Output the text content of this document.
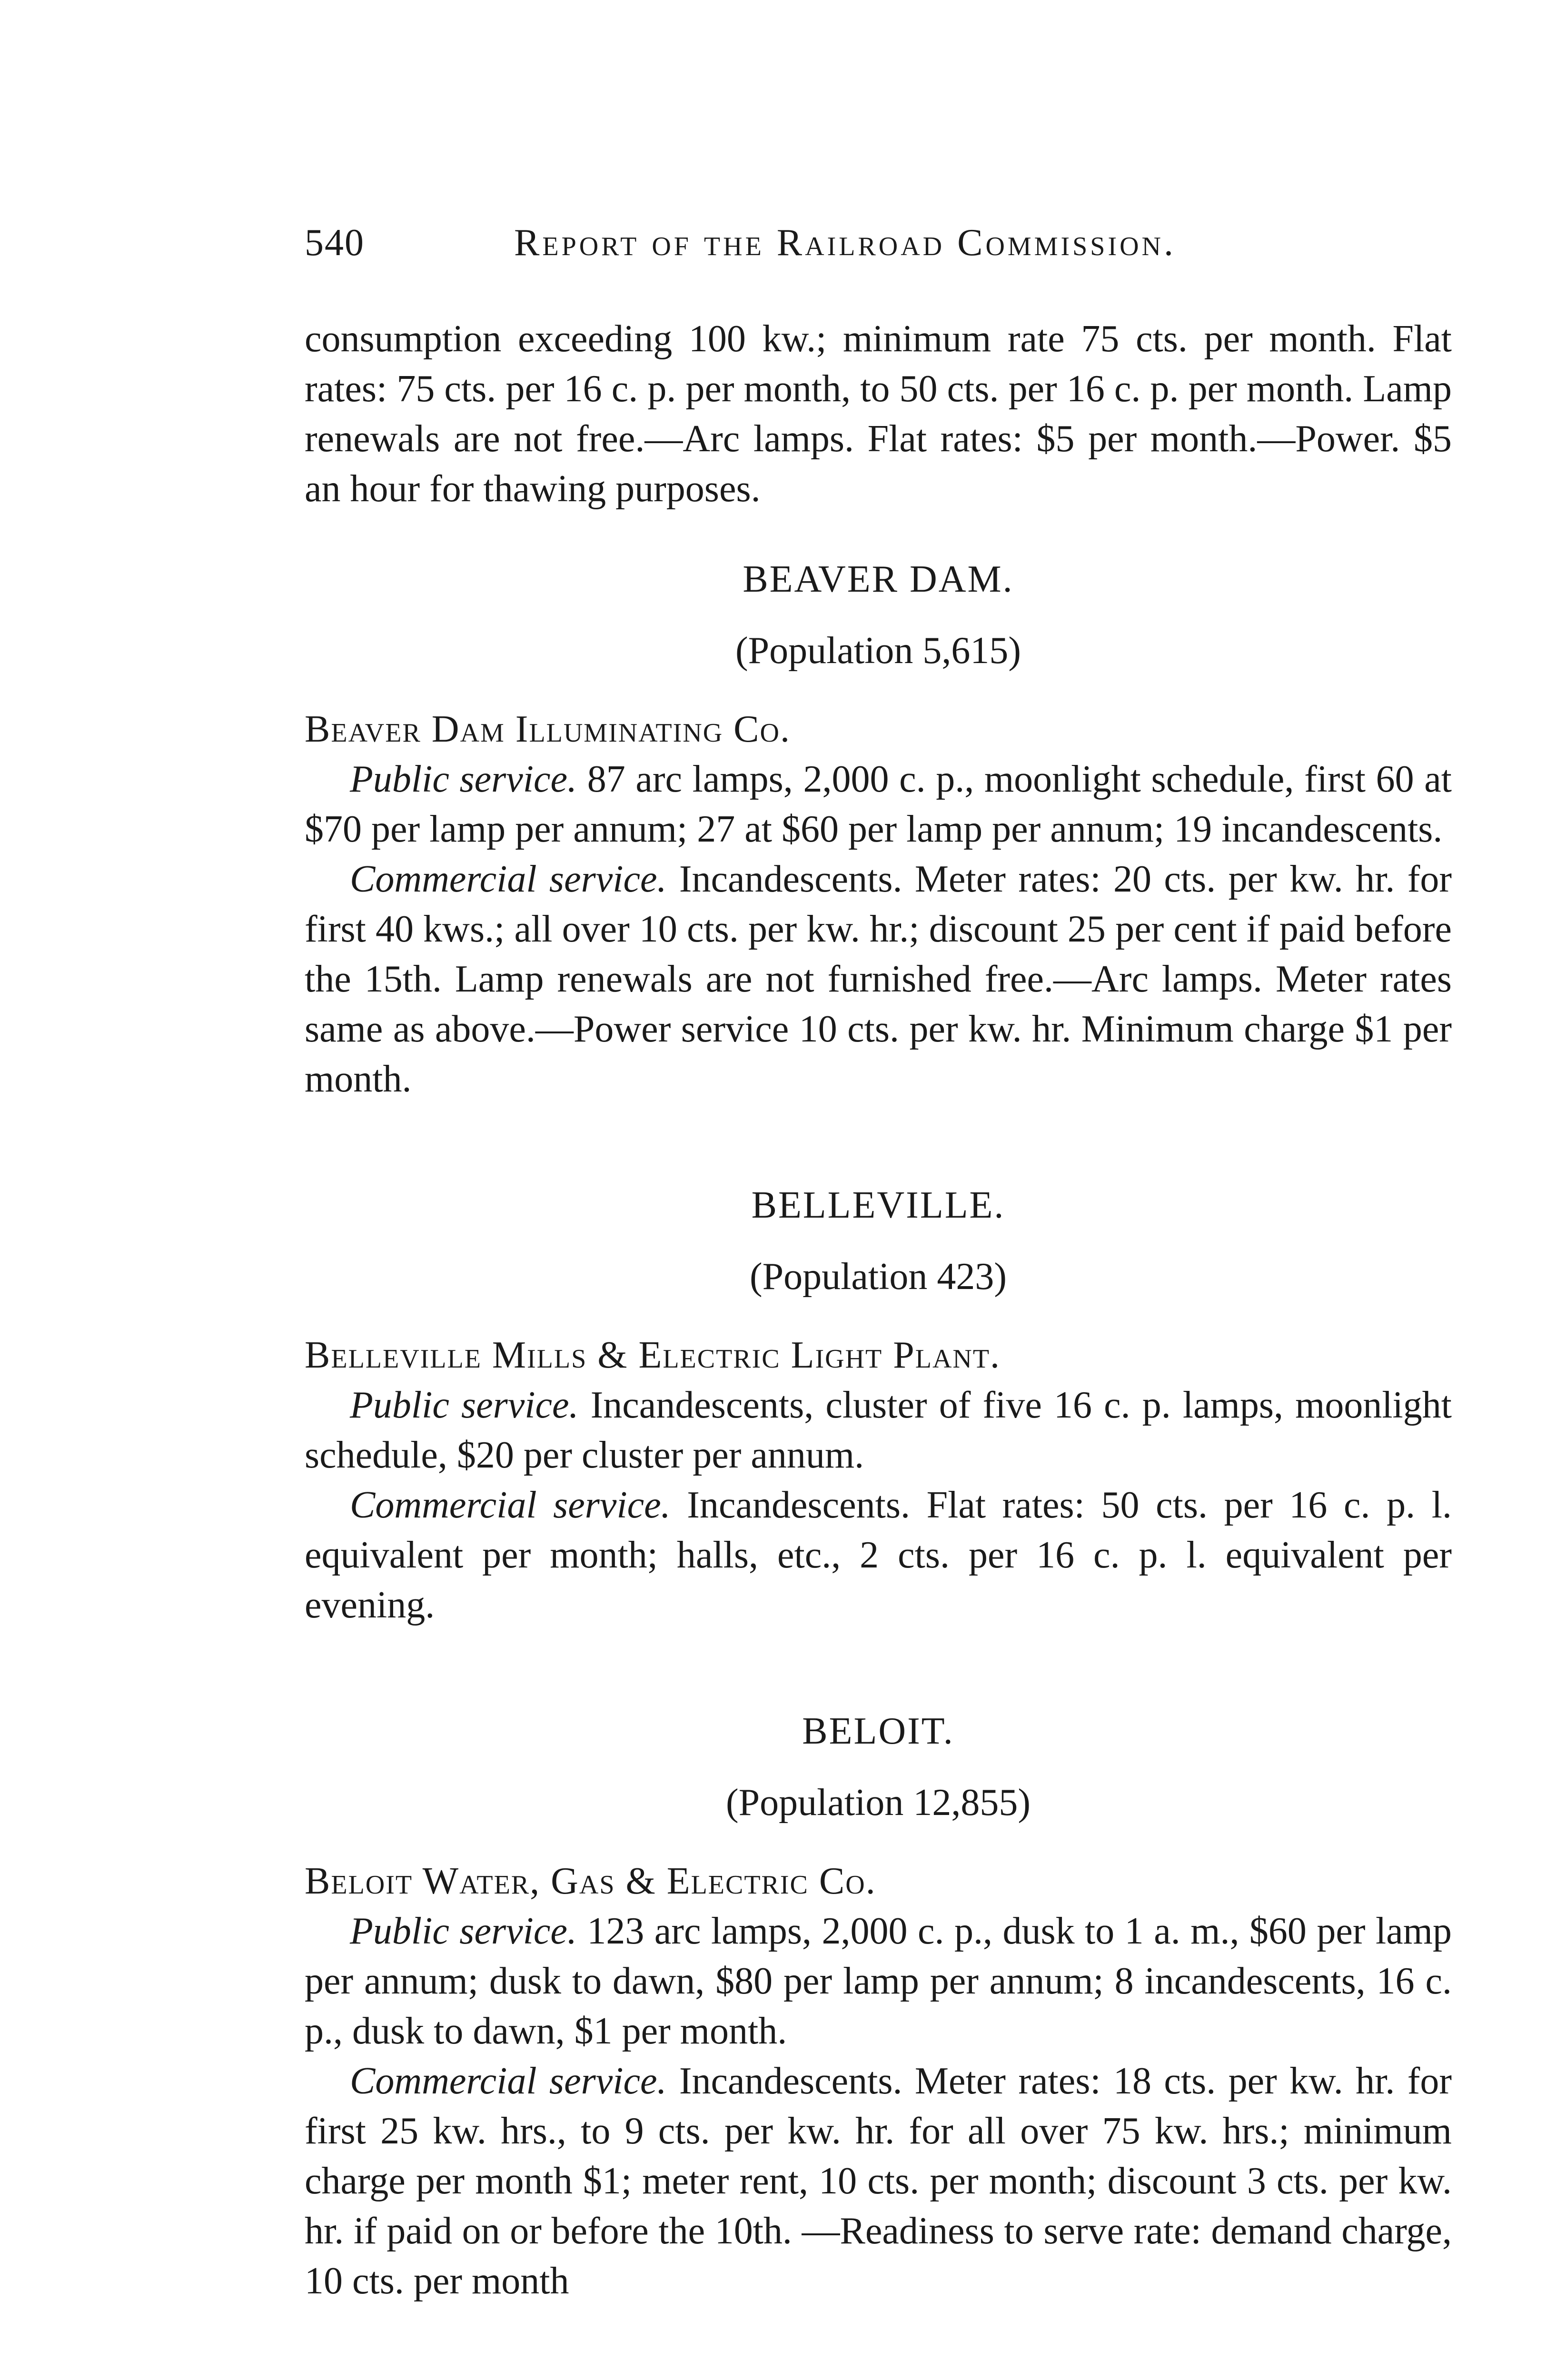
540	Report of the Railroad Commission.

consumption exceeding 100 kw.; minimum rate 75 cts. per month. Flat rates: 75 cts. per 16 c. p. per month, to 50 cts. per 16 c. p. per month. Lamp renewals are not free.—Arc lamps. Flat rates: $5 per month.—Power. $5 an hour for thawing purposes.

BEAVER DAM.

(Population 5,615)

Beaver Dam Illuminating Co.

Public service. 87 arc lamps, 2,000 c. p., moonlight schedule, first 60 at $70 per lamp per annum; 27 at $60 per lamp per annum; 19 incandescents.

Commercial service. Incandescents. Meter rates: 20 cts. per kw. hr. for first 40 kws.; all over 10 cts. per kw. hr.; discount 25 per cent if paid before the 15th. Lamp renewals are not furnished free.—Arc lamps. Meter rates same as above.—Power service 10 cts. per kw. hr. Minimum charge $1 per month.

BELLEVILLE.

(Population 423)

Belleville Mills & Electric Light Plant.

Public service. Incandescents, cluster of five 16 c. p. lamps, moonlight schedule, $20 per cluster per annum.

Commercial service. Incandescents. Flat rates: 50 cts. per 16 c. p. l. equivalent per month; halls, etc., 2 cts. per 16 c. p. l. equivalent per evening.

BELOIT.

(Population 12,855)

Beloit Water, Gas & Electric Co.

Public service. 123 arc lamps, 2,000 c. p., dusk to 1 a. m., $60 per lamp per annum; dusk to dawn, $80 per lamp per annum; 8 incandescents, 16 c. p., dusk to dawn, $1 per month.

Commercial service. Incandescents. Meter rates: 18 cts. per kw. hr. for first 25 kw. hrs., to 9 cts. per kw. hr. for all over 75 kw. hrs.; minimum charge per month $1; meter rent, 10 cts. per month; discount 3 cts. per kw. hr. if paid on or before the 10th. —Readiness to serve rate: demand charge, 10 cts. per month
